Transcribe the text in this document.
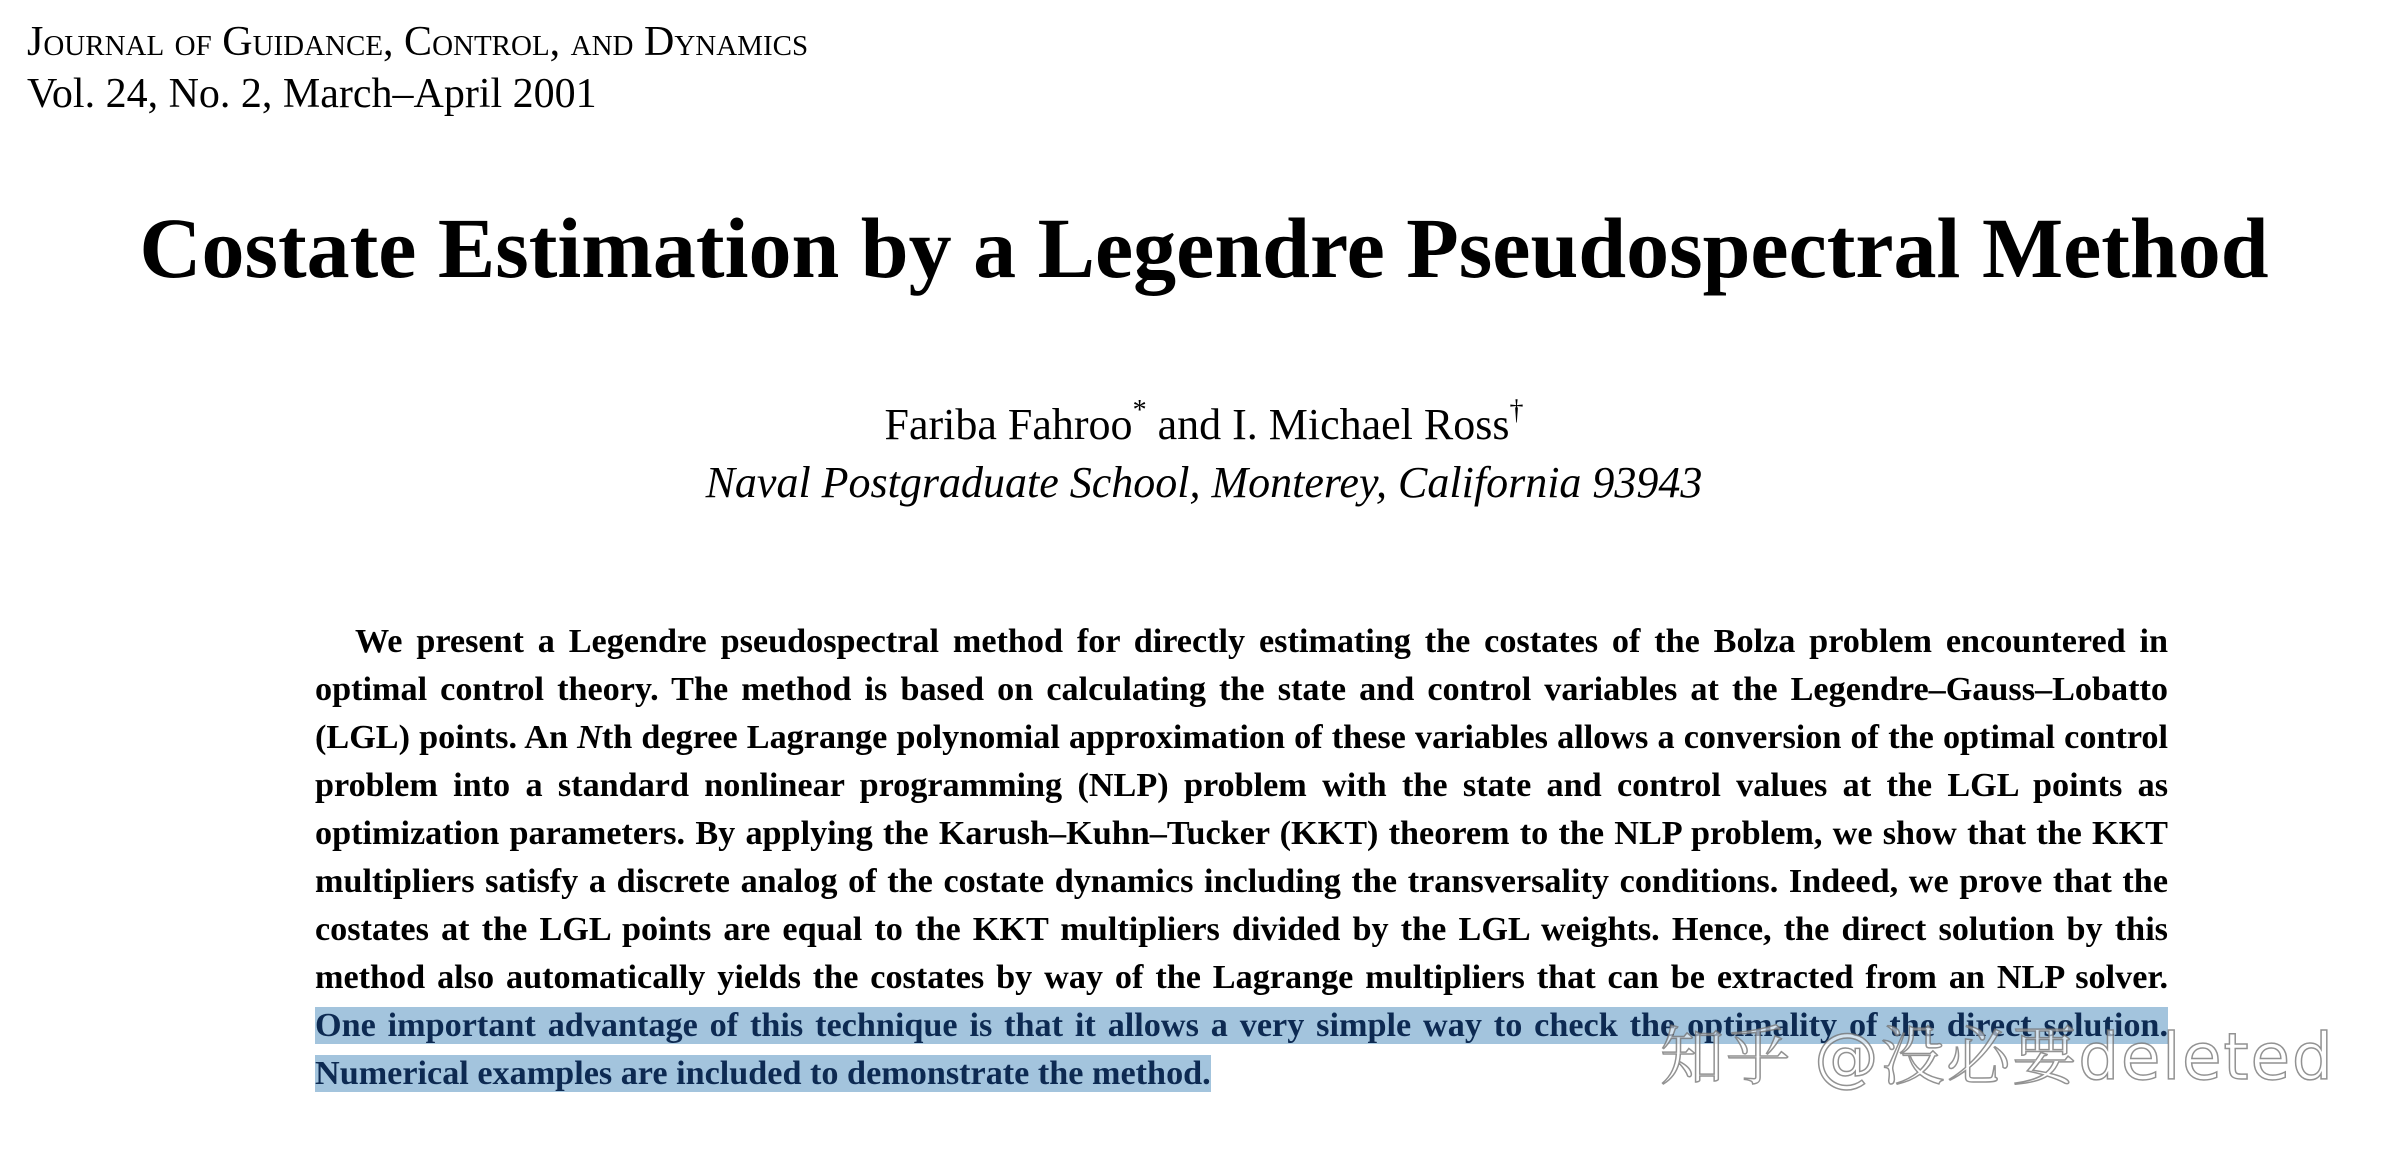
Journal of Guidance, Control, and Dynamics
Vol. 24, No. 2, March–April 2001
Costate Estimation by a Legendre Pseudospectral Method
Fariba Fahroo* and I. Michael Ross†
Naval Postgraduate School, Monterey, California 93943

We present a Legendre pseudospectral method for directly estimating the costates of the Bolza problem encountered in optimal control theory. The method is based on calculating the state and control variables at the Legendre–Gauss–Lobatto (LGL) points. An Nth degree Lagrange polynomial approximation of these variables allows a conversion of the optimal control problem into a standard nonlinear programming (NLP) problem with the state and control values at the LGL points as optimization parameters. By applying the Karush–Kuhn–Tucker (KKT) theorem to the NLP problem, we show that the KKT multipliers satisfy a discrete analog of the costate dynamics including the transversality conditions. Indeed, we prove that the costates at the LGL points are equal to the KKT multipliers divided by the LGL weights. Hence, the direct solution by this method also automatically yields the costates by way of the Lagrange multipliers that can be extracted from an NLP solver. One important advantage of this technique is that it allows a very simple way to check the optimality of the direct solution. Numerical examples are included to demonstrate the method.	知乎 @没必要deleted
